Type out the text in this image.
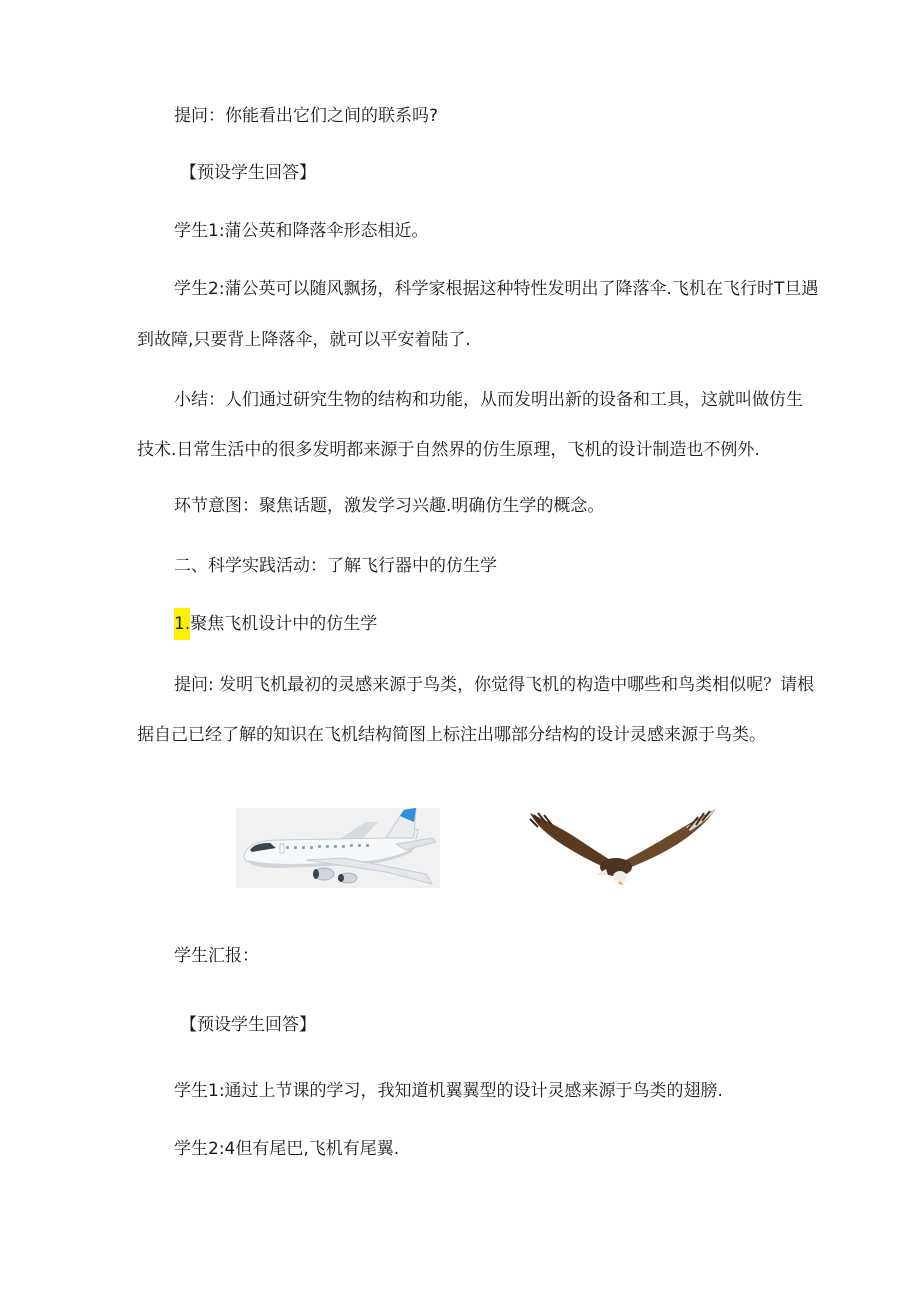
提问：你能看出它们之间的联系吗?
【预设学生回答】
学生1:蒲公英和降落伞形态相近。
学生2:蒲公英可以随风飘扬，科学家根据这种特性发明出了降落伞.飞机在飞行时T旦遇
到故障,只要背上降落伞，就可以平安着陆了.
小结：人们通过研究生物的结构和功能，从而发明出新的设备和工具，这就叫做仿生
技术.日常生活中的很多发明都来源于自然界的仿生原理，飞机的设计制造也不例外.
环节意图：聚焦话题，激发学习兴趣.明确仿生学的概念。
二、科学实践活动：了解飞行器中的仿生学
1.聚焦飞机设计中的仿生学
提问: 发明飞机最初的灵感来源于鸟类，你觉得飞机的构造中哪些和鸟类相似呢？请根
据自己已经了解的知识在飞机结构简图上标注出哪部分结构的设计灵感来源于鸟类。
学生汇报：
【预设学生回答】
学生1:通过上节课的学习，我知道机翼翼型的设计灵感来源于鸟类的翅膀.
学生2:4但有尾巴,飞机有尾翼.
